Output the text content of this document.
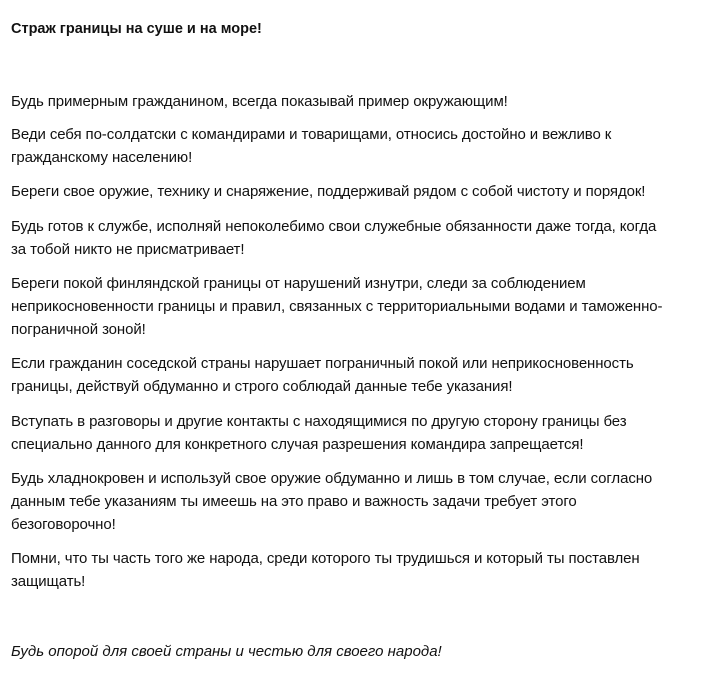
Страж границы на суше и на море!

Будь примерным гражданином, всегда показывай пример окружающим!

Веди себя по-солдатски с командирами и товарищами, относись достойно и вежливо к
гражданскому населению!

Береги свое оружие, технику и снаряжение, поддерживай рядом с собой чистоту и порядок!

Будь готов к службе, исполняй непоколебимо свои служебные обязанности даже тогда, когда
за тобой никто не присматривает!

Береги покой финляндской границы от нарушений изнутри, следи за соблюдением
неприкосновенности границы и правил, связанных с территориальными водами и таможенно-
пограничной зоной!

Если гражданин соседской страны нарушает пограничный покой или неприкосновенность
границы, действуй обдуманно и строго соблюдай данные тебе указания!

Вступать в разговоры и другие контакты с находящимися по другую сторону границы без
специально данного для конкретного случая разрешения командира запрещается!

Будь хладнокровен и используй свое оружие обдуманно и лишь в том случае, если согласно
данным тебе указаниям ты имеешь на это право и важность задачи требует этого
безоговорочно!

Помни, что ты часть того же народа, среди которого ты трудишься и который ты поставлен
защищать!

Будь опорой для своей страны и честью для своего народа!
